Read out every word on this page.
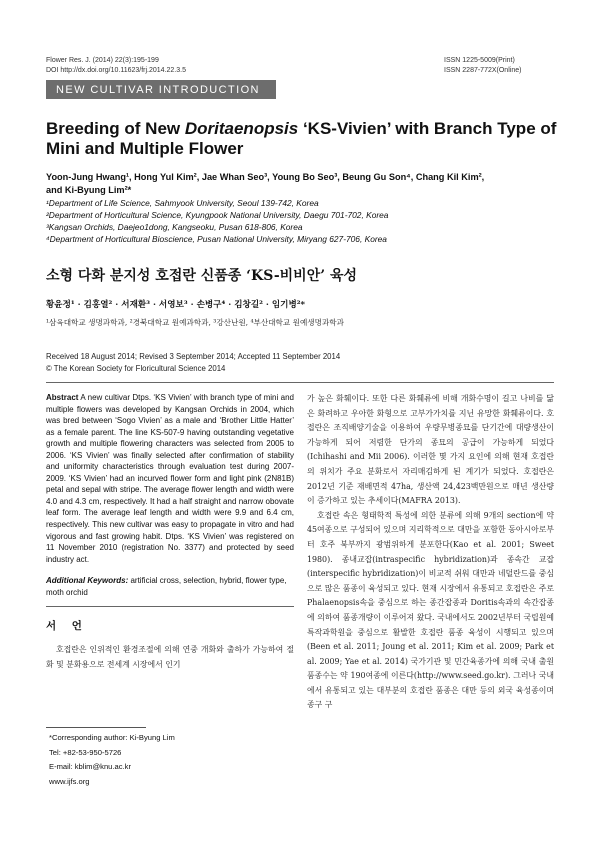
Flower Res. J. (2014) 22(3):195-199
DOI http://dx.doi.org/10.11623/frj.2014.22.3.5
ISSN 1225-5009(Print)
ISSN 2287-772X(Online)
NEW CULTIVAR INTRODUCTION
Breeding of New Doritaenopsis ‘KS-Vivien’ with Branch Type of Mini and Multiple Flower
Yoon-Jung Hwang¹, Hong Yul Kim², Jae Whan Seo³, Young Bo Seo³, Beung Gu Son⁴, Chang Kil Kim²,
and Ki-Byung Lim²*
¹Department of Life Science, Sahmyook University, Seoul 139-742, Korea
²Department of Horticultural Science, Kyungpook National University, Daegu 701-702, Korea
³Kangsan Orchids, Daejeo1dong, Kangseoku, Pusan 618-806, Korea
⁴Department of Horticultural Bioscience, Pusan National University, Miryang 627-706, Korea
소형 다화 분지성 호접란 신품종 ‘KS-비비안’ 육성
황윤정¹ · 김홍열² · 서재환³ · 서영보³ · 손병구⁴ · 김창길² · 임기병²*
¹삼육대학교 생명과학과, ²경북대학교 원예과학과, ³강산난원, ⁴부산대학교 원예생명과학과
Received 18 August 2014; Revised 3 September 2014; Accepted 11 September 2014
© The Korean Society for Floricultural Science 2014

Abstract A new cultivar Dtps. ‘KS Vivien’ with branch type of mini and multiple flowers was developed by Kangsan Orchids in 2004, which was bred between ‘Sogo Vivien’ as a male and ‘Brother Little Hatter’ as a female parent. The line KS-507-9 having outstanding vegetative growth and multiple flowering characters was selected from 2005 to 2006. ‘KS Vivien’ was finally selected after confirmation of stability and uniformity characteristics through evaluation test during 2007-2009. ‘KS Vivien’ had an incurved flower form and light pink (2N81B) petal and sepal with stripe. The average flower length and width were 4.0 and 4.3 cm, respectively. It had a half straight and narrow obovate leaf form. The average leaf length and width were 9.9 and 6.4 cm, respectively. This new cultivar was easy to propagate in vitro and had vigorous and fast growing habit. Dtps. ‘KS Vivien’ was registered on 11 November 2010 (registration No. 3377) and protected by seed industry act.

Additional Keywords: artificial cross, selection, hybrid, flower type, moth orchid

서 언

호접란은 인위적인 환경조절에 의해 연중 개화와 출하가 가능하여 절화 및 분화용으로 전세계 시장에서 인기

*Corresponding author: Ki-Byung Lim
Tel: +82-53-950-5726
E-mail: kblim@knu.ac.kr
www.ijfs.org

가 높은 화훼이다. 또한 다른 화훼류에 비해 개화수명이 길고 나비를 닮은 화려하고 우아한 화형으로 고부가가치를 지닌 유망한 화훼류이다. 호접란은 조직배양기술을 이용하여 우량무병종묘를 단기간에 대량생산이 가능하게 되어 저렴한 단가의 종묘의 공급이 가능하게 되었다(Ichihashi and Mii 2006). 이러한 몇 가지 요인에 의해 현재 호접란의 위치가 주요 분화로서 자리매김하게 된 계기가 되었다. 호접란은 2012년 기준 재배면적 47ha, 생산액 24,423백만원으로 매년 생산량이 증가하고 있는 추세이다(MAFRA 2013).

호접란 속은 형태학적 특성에 의한 분류에 의해 9개의 section에 약 45여종으로 구성되어 있으며 지리학적으로 대만을 포함한 동아시아로부터 호주 북부까지 광범위하게 분포한다(Kao et al. 2001; Sweet 1980). 종내교잡(intraspecific hybridization)과 종속간 교잡(interspecific hybridization)이 비교적 쉬워 대만과 네덜란드를 중심으로 많은 품종이 육성되고 있다. 현재 시장에서 유통되고 호접란은 주로 Phalaenopsis속을 중심으로 하는 종간잡종과 Doritis속과의 속간잡종에 의하여 품종개량이 이루어져 왔다. 국내에서도 2002년부터 국립원예특작과학원을 중심으로 활발한 호접란 품종 육성이 시행되고 있으며(Been et al. 2011; Joung et al. 2011; Kim et al. 2009; Park et al. 2009; Yae et al. 2014) 국가기관 및 민간육종가에 의해 국내 출원 품종수는 약 190여종에 이른다(http://www.seed.go.kr). 그러나 국내에서 유통되고 있는 대부분의 호접란 품종은 대만 등의 외국 육성종이며 종구 구
